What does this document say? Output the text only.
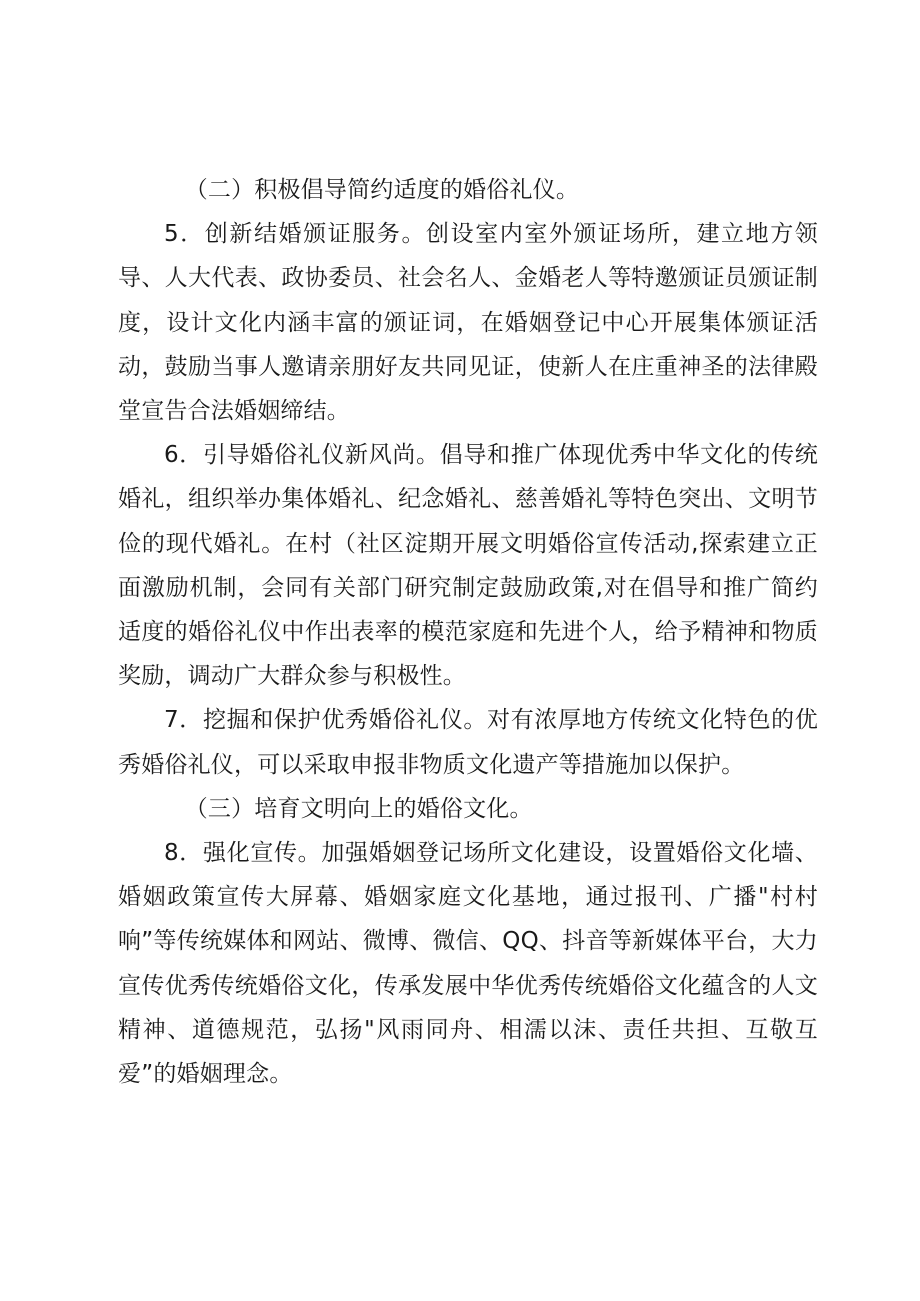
（二）积极倡导简约适度的婚俗礼仪。

5．创新结婚颁证服务。创设室内室外颁证场所，建立地方领导、人大代表、政协委员、社会名人、金婚老人等特邀颁证员颁证制度，设计文化内涵丰富的颁证词，在婚姻登记中心开展集体颁证活动，鼓励当事人邀请亲朋好友共同见证，使新人在庄重神圣的法律殿堂宣告合法婚姻缔结。

6．引导婚俗礼仪新风尚。倡导和推广体现优秀中华文化的传统婚礼，组织举办集体婚礼、纪念婚礼、慈善婚礼等特色突出、文明节俭的现代婚礼。在村（社区淀期开展文明婚俗宣传活动,探索建立正面激励机制，会同有关部门研究制定鼓励政策,对在倡导和推广简约适度的婚俗礼仪中作出表率的模范家庭和先进个人，给予精神和物质奖励，调动广大群众参与积极性。

7．挖掘和保护优秀婚俗礼仪。对有浓厚地方传统文化特色的优秀婚俗礼仪，可以采取申报非物质文化遗产等措施加以保护。

（三）培育文明向上的婚俗文化。

8．强化宣传。加强婚姻登记场所文化建设，设置婚俗文化墙、婚姻政策宣传大屏幕、婚姻家庭文化基地，通过报刊、广播"村村响”等传统媒体和网站、微博、微信、QQ、抖音等新媒体平台，大力宣传优秀传统婚俗文化，传承发展中华优秀传统婚俗文化蕴含的人文精神、道德规范，弘扬"风雨同舟、相濡以沫、责任共担、互敬互爱”的婚姻理念。
